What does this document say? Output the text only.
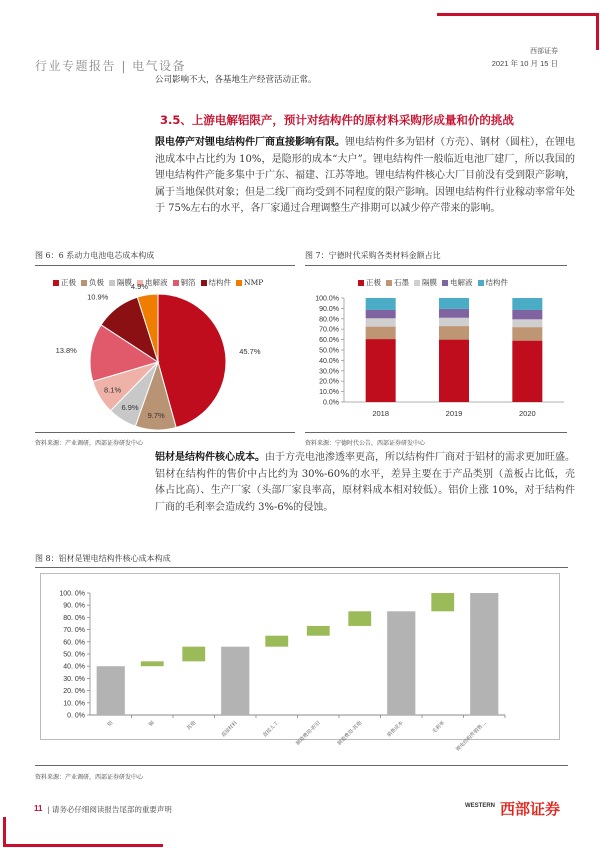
行业专题报告 | 电气设备
西部证券
2021 年 10 月 15 日
公司影响不大，各基地生产经营活动正常。
3.5、上游电解铝限产，预计对结构件的原材料采购形成量和价的挑战
限电停产对锂电结构件厂商直接影响有限。锂电结构件多为铝材（方壳）、钢材（圆柱），在锂电池成本中占比约为 10%，是隐形的成本“大户”。锂电结构件一般临近电池厂建厂，所以我国的锂电结构件产能多集中于广东、福建、江苏等地。锂电结构件核心大厂目前没有受到限产影响，属于当地保供对象；但是二线厂商均受到不同程度的限产影响。因锂电结构件行业稼动率常年处于 75%左右的水平，各厂家通过合理调整生产排期可以减少停产带来的影响。
图 6：6 系动力电池电芯成本构成
正极 负极 隔膜 电解液 铜箔 结构件 NMP
45.7%
9.7%
6.9%
8.1%
13.8%
10.9%
4.9%
资料来源：产业调研，西部证券研发中心
图 7：宁德时代采购各类材料金额占比
正极 石墨 隔膜 电解液 结构件
100.0%
90.0%
80.0%
70.0%
60.0%
50.0%
40.0%
30.0%
20.0%
10.0%
0.0%
2018	2019	2020
资料来源：宁德时代公告，西部证券研发中心
铝材是结构件核心成本。由于方壳电池渗透率更高，所以结构件厂商对于铝材的需求更加旺盛。铝材在结构件的售价中占比约为 30%-60%的水平，差异主要在于产品类别（盖板占比低，壳体占比高）、生产厂家（头部厂家良率高，原材料成本相对较低）。铝价上涨 10%，对于结构件厂商的毛利率会造成约 3%-6%的侵蚀。
图 8：铝材是锂电结构件核心成本构成
100. 0%
90. 0%
80. 0%
70. 0%
60. 0%
50. 0%
40. 0%
30. 0%
20. 0%
10. 0%
0. 0%
铝	铜	其他	直接材料	直接人工	制造费用-折旧	制造费用-其他	销售成本	毛利率 锂电结构件销售…
资料来源：产业调研，西部证券研发中心
11 | 请务必仔细阅读报告尾部的重要声明	WESTERN 西部证券
